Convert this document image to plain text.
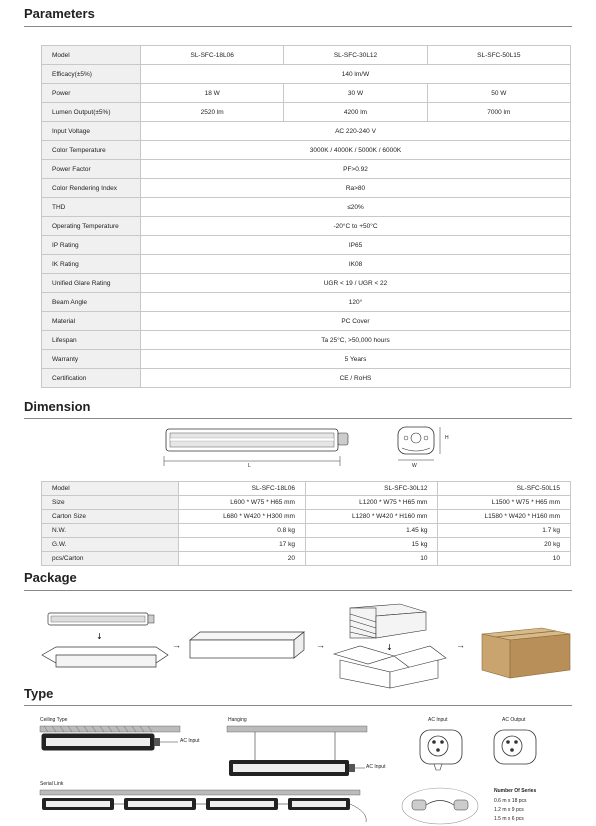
Parameters
Model	SL-SFC-18L06	SL-SFC-30L12	SL-SFC-50L15
Efficacy(±5%)	140 lm/W		
Power	18 W	30 W	50 W
Lumen Output(±5%)	2520 lm	4200 lm	7000 lm
Input Voltage	AC 220-240 V		
Color Temperature	3000K / 4000K / 5000K / 6000K		
Power Factor	PF>0.92		
Color Rendering Index	Ra>80		
THD	≤20%		
Operating Temperature	-20°C to +50°C		
IP Rating	IP65		
IK Rating	IK08		
Unified Glare Rating	UGR < 19 / UGR < 22		
Beam Angle	120°		
Material	PC Cover		
Lifespan	Ta 25°C, >50,000 hours		
Warranty	5 Years		
Certification	CE / RoHS		
Dimension
L
H
W
Model	SL-SFC-18L06	SL-SFC-30L12	SL-SFC-50L15
Size	L600 * W75 * H65 mm	L1200 * W75 * H65 mm	L1500 * W75 * H65 mm
Carton Size	L680 * W420 * H300 mm	L1280 * W420 * H160 mm	L1580 * W420 * H160 mm
N.W.	0.8 kg	1.45 kg	1.7 kg
G.W.	17 kg	15 kg	20 kg
pcs/Carton	20	10	10
Package
↓
→	→	↓	→
Type
Ceiling Type
AC Input
Hanging
AC Input
AC Input	AC Output
Serial Link
Number Of Series
0.6 m x 18 pcs
1.2 m x 9 pcs
1.5 m x 6 pcs
